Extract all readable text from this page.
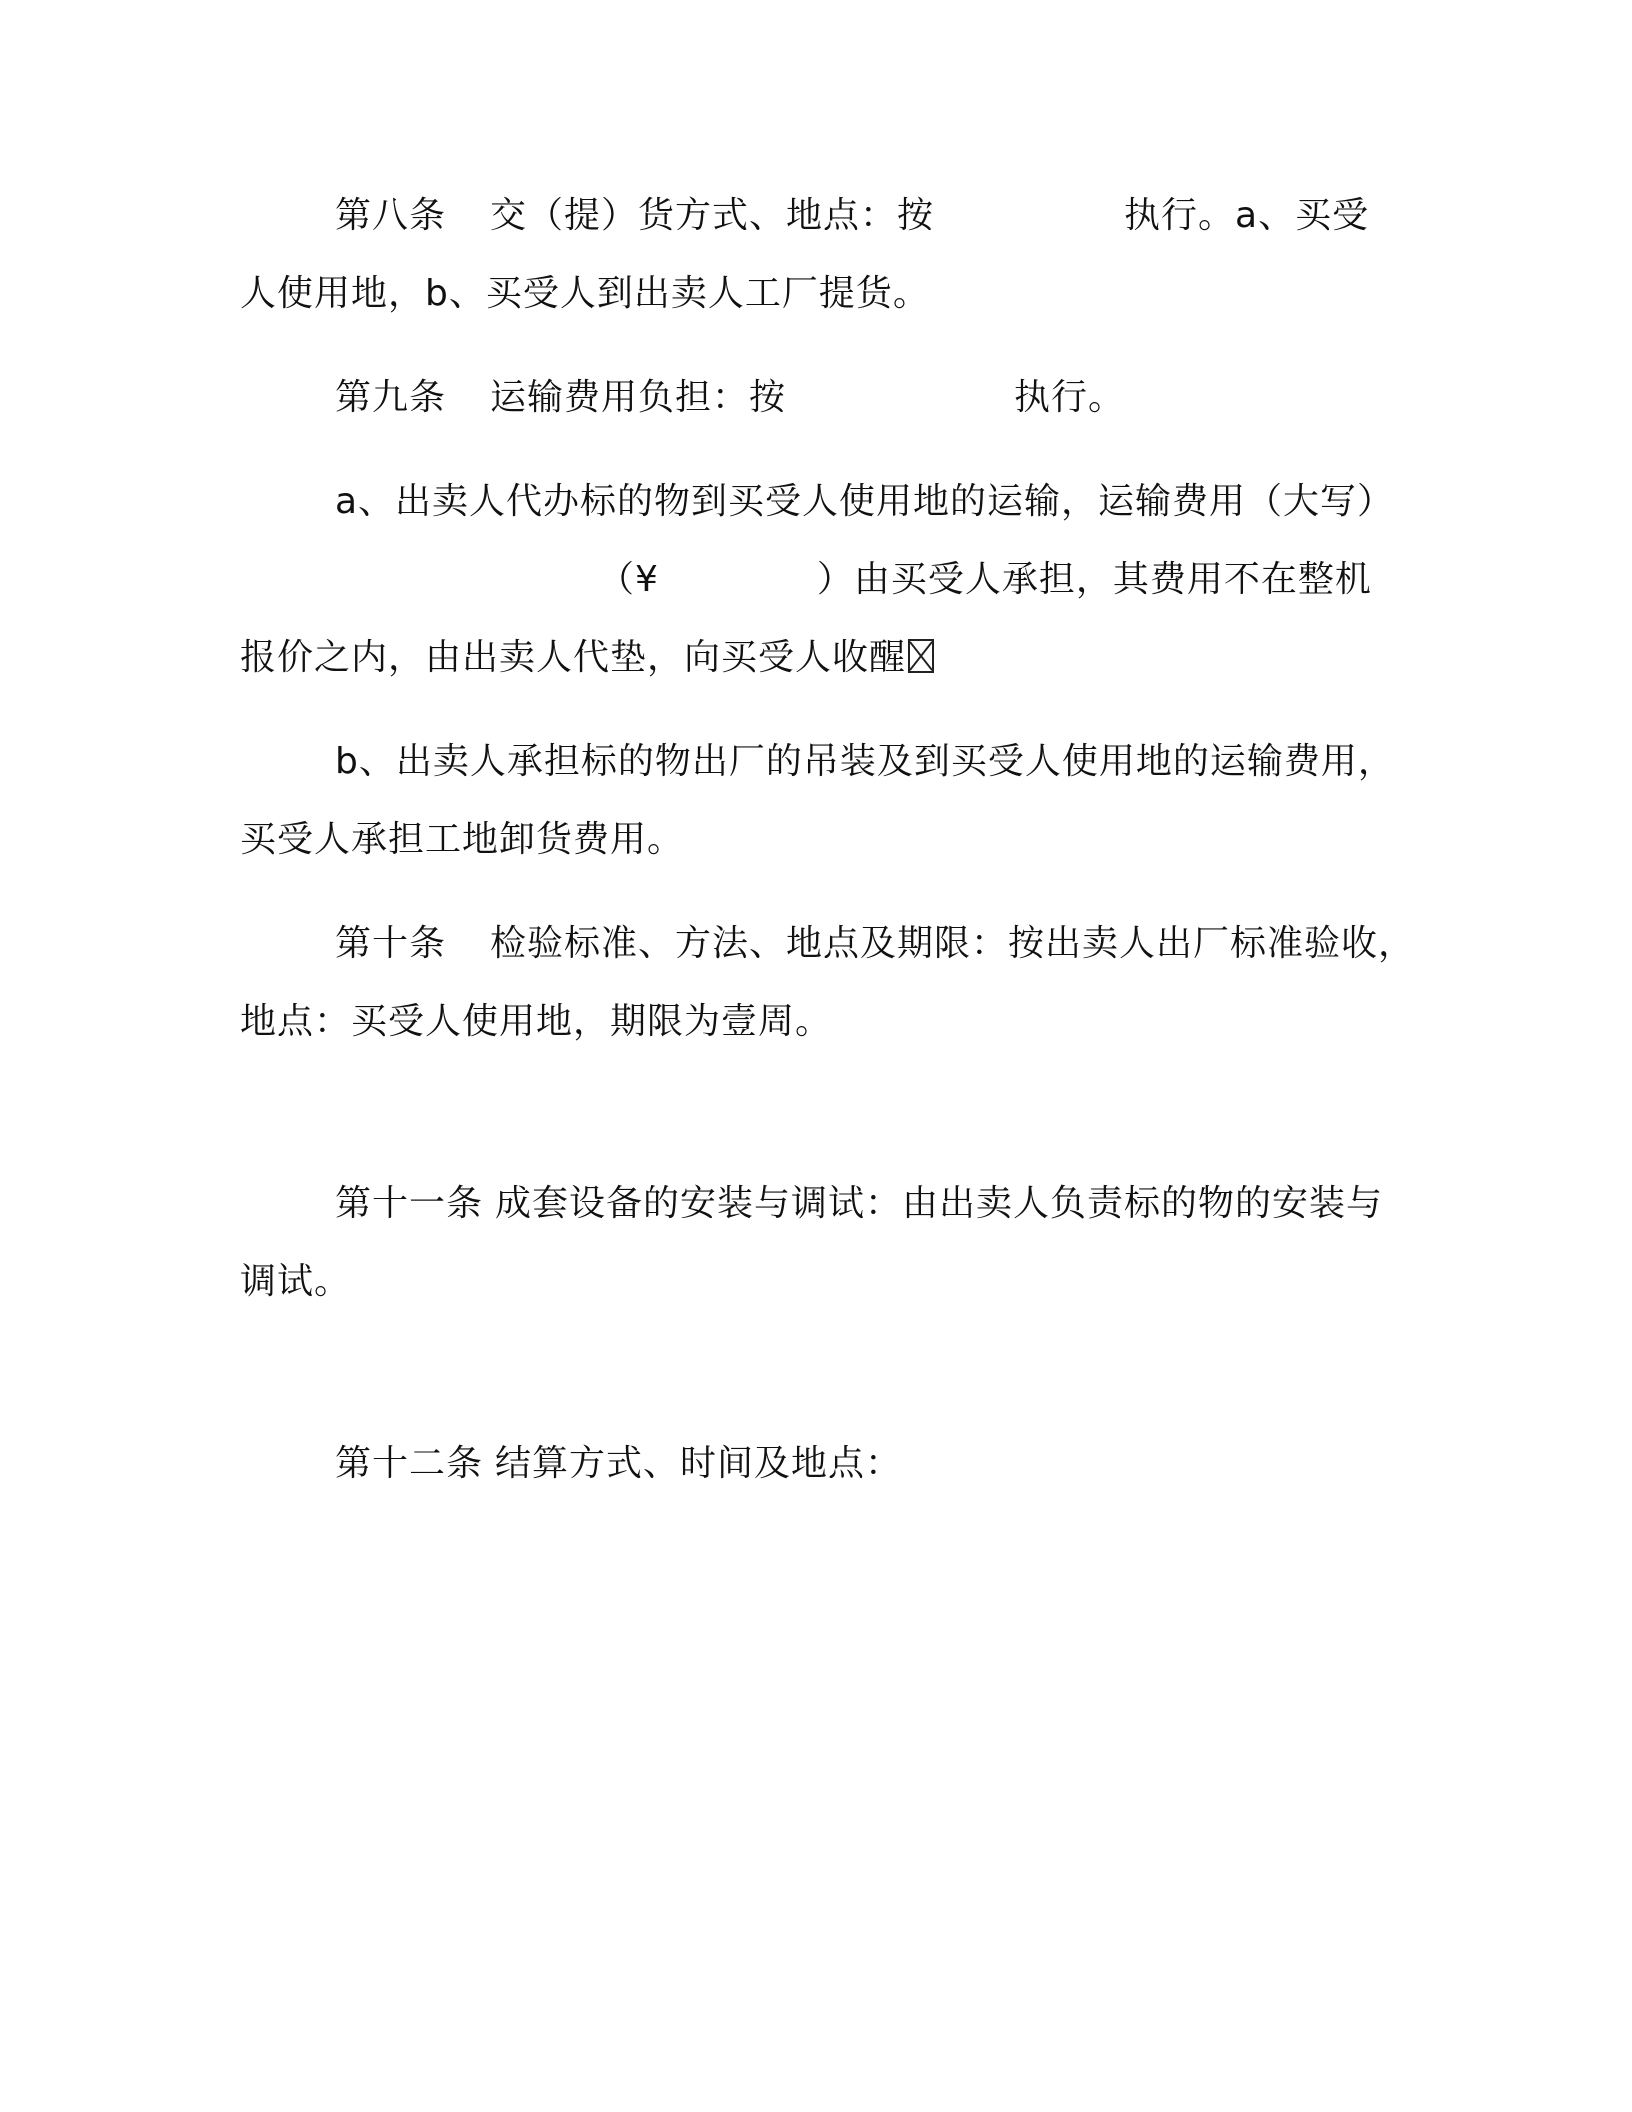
第八条 交（提）货方式、地点：按	执行。a、买受
人使用地，b、买受人到出卖人工厂提货。
第九条 运输费用负担：按	执行。
a、出卖人代办标的物到买受人使用地的运输，运输费用（大写）
（¥	）由买受人承担，其费用不在整机
报价之内，由出卖人代垫，向买受人收醒
b、出卖人承担标的物出厂的吊装及到买受人使用地的运输费用，
买受人承担工地卸货费用。
第十条 检验标准、方法、地点及期限：按出卖人出厂标准验收，
地点：买受人使用地，期限为壹周。
第十一条 成套设备的安装与调试：由出卖人负责标的物的安装与
调试。
第十二条 结算方式、时间及地点：
